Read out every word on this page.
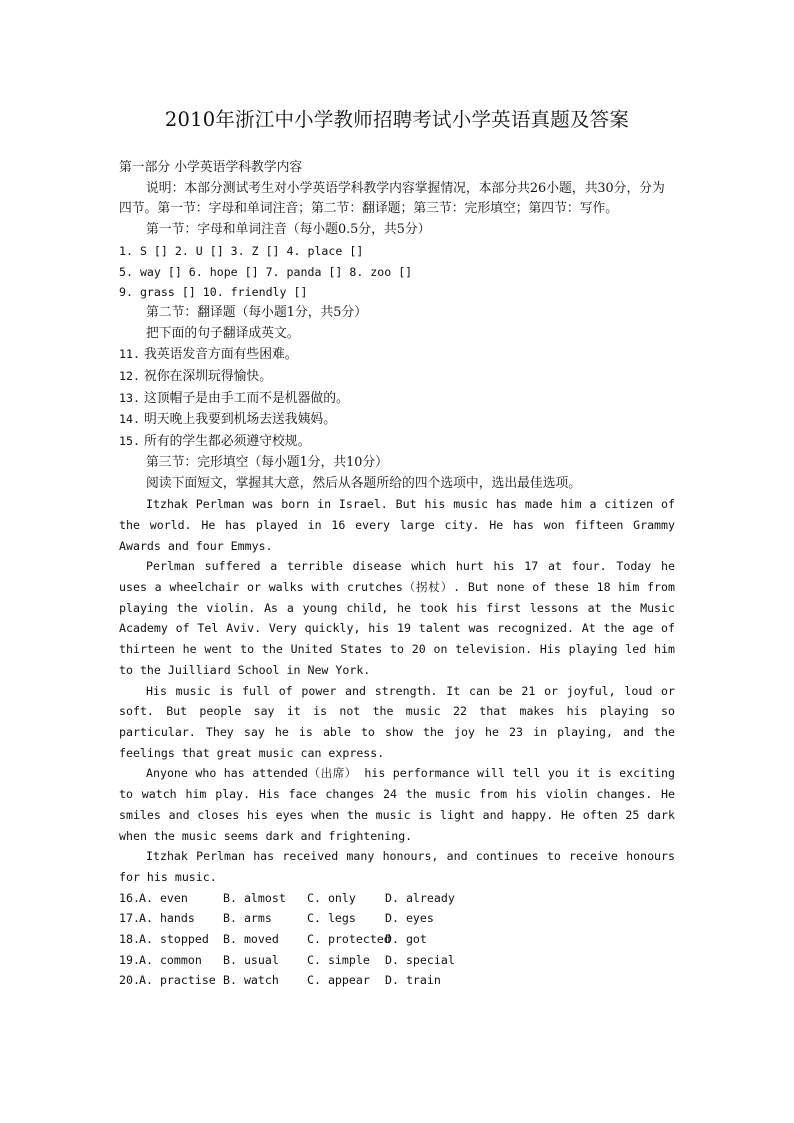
2010年浙江中小学教师招聘考试小学英语真题及答案

第一部分 小学英语学科教学内容

说明：本部分测试考生对小学英语学科教学内容掌握情况，本部分共26小题，共30分，分为四节。第一节：字母和单词注音；第二节：翻译题；第三节：完形填空；第四节：写作。

第一节：字母和单词注音（每小题0.5分，共5分）

1. S [] 2. U [] 3. Z [] 4. place []

5. way [] 6. hope [] 7. panda [] 8. zoo []

9. grass [] 10. friendly []

第二节：翻译题（每小题1分，共5分）

把下面的句子翻译成英文。

11. 我英语发音方面有些困难。

12. 祝你在深圳玩得愉快。

13. 这顶帽子是由手工而不是机器做的。

14. 明天晚上我要到机场去送我姨妈。

15. 所有的学生都必须遵守校规。

第三节：完形填空（每小题1分，共10分）

阅读下面短文，掌握其大意，然后从各题所给的四个选项中，选出最佳选项。

Itzhak Perlman was born in Israel. But his music has made him a citizen of the world. He has played in 16 every large city. He has won fifteen Grammy Awards and four Emmys.

Perlman suffered a terrible disease which hurt his 17 at four. Today he uses a wheelchair or walks with crutches（拐杖）. But none of these 18 him from playing the violin. As a young child, he took his first lessons at the Music Academy of Tel Aviv. Very quickly, his 19 talent was recognized. At the age of thirteen he went to the United States to 20 on television. His playing led him to the Juilliard School in New York.

His music is full of power and strength. It can be 21 or joyful, loud or soft. But people say it is not the music 22 that makes his playing so particular. They say he is able to show the joy he 23 in playing, and the feelings that great music can express.

Anyone who has attended（出席） his performance will tell you it is exciting to watch him play. His face changes 24 the music from his violin changes. He smiles and closes his eyes when the music is light and happy. He often 25 dark when the music seems dark and frightening.

Itzhak Perlman has received many honours, and continues to receive honours for his music.

16.A. even	B. almost C. only	D. already

17.A. hands B. arms	C. legs	D. eyes

18.A. stopped B. moved C. protectedD. got

19.A. common B. usual C. simple D. special

20.A. practise B. watch C. appear D. train
